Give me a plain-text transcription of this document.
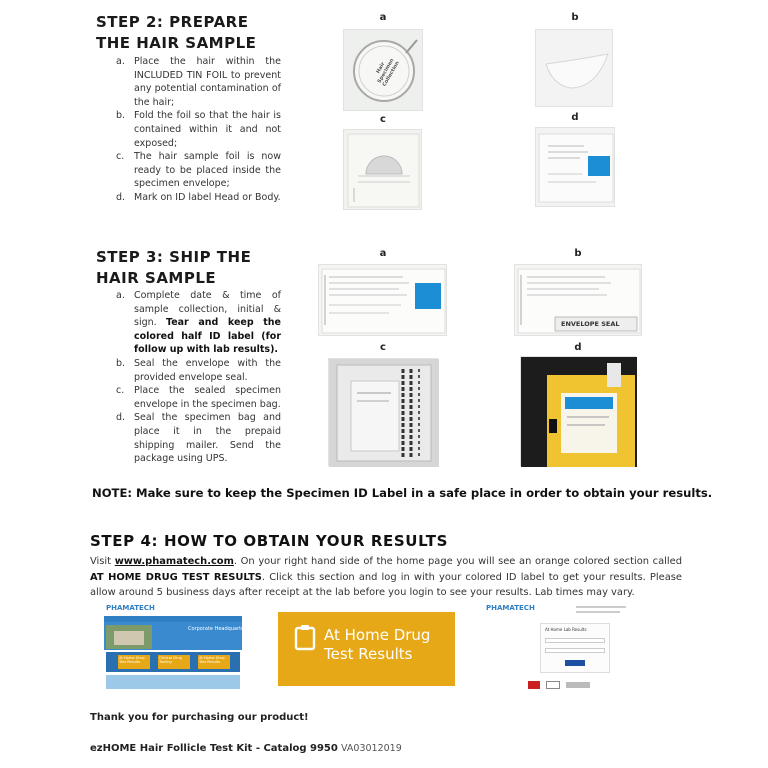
STEP 2: PREPARE
THE HAIR SAMPLE
a. Place the hair within the INCLUDED TIN FOIL to prevent any potential contamination of the hair;
b. Fold the foil so that the hair is contained within it and not exposed;
c.	The hair sample foil is now ready to be placed inside the specimen envelope;
d. Mark on ID label Head or Body.
a	b
c	d
Hair Specimen Collection
STEP 3: SHIP THE
HAIR SAMPLE
a. Complete date & time of sample collection, initial & sign. Tear and keep the colored half ID label (for follow up with lab results).
b. Seal the envelope with the provided envelope seal.
c.	Place the sealed specimen envelope in the specimen bag.
d. Seal the specimen bag and place it in the prepaid shipping mailer. Send the package using UPS.
a	b
c	d
ENVELOPE SEAL
NOTE: Make sure to keep the Specimen ID Label in a safe place in order to obtain your results.
STEP 4: HOW TO OBTAIN YOUR RESULTS
Visit www.phamatech.com. On your right hand side of the home page you will see an orange colored section called AT HOME DRUG TEST RESULTS. Click this section and log in with your colored ID label to get your results. Please allow around 5 business days after receipt at the lab before you login to see your results. Lab times may vary.
PHAMATECH
Corporate Headquarters
At Home Drug Test Results
Clinical Drug Testing
At Home Drug Test Results
At Home Drug
Test Results
PHAMATECH
At Home Lab Results
Thank you for purchasing our product!
ezHOME Hair Follicle Test Kit - Catalog 9950 VA03012019
